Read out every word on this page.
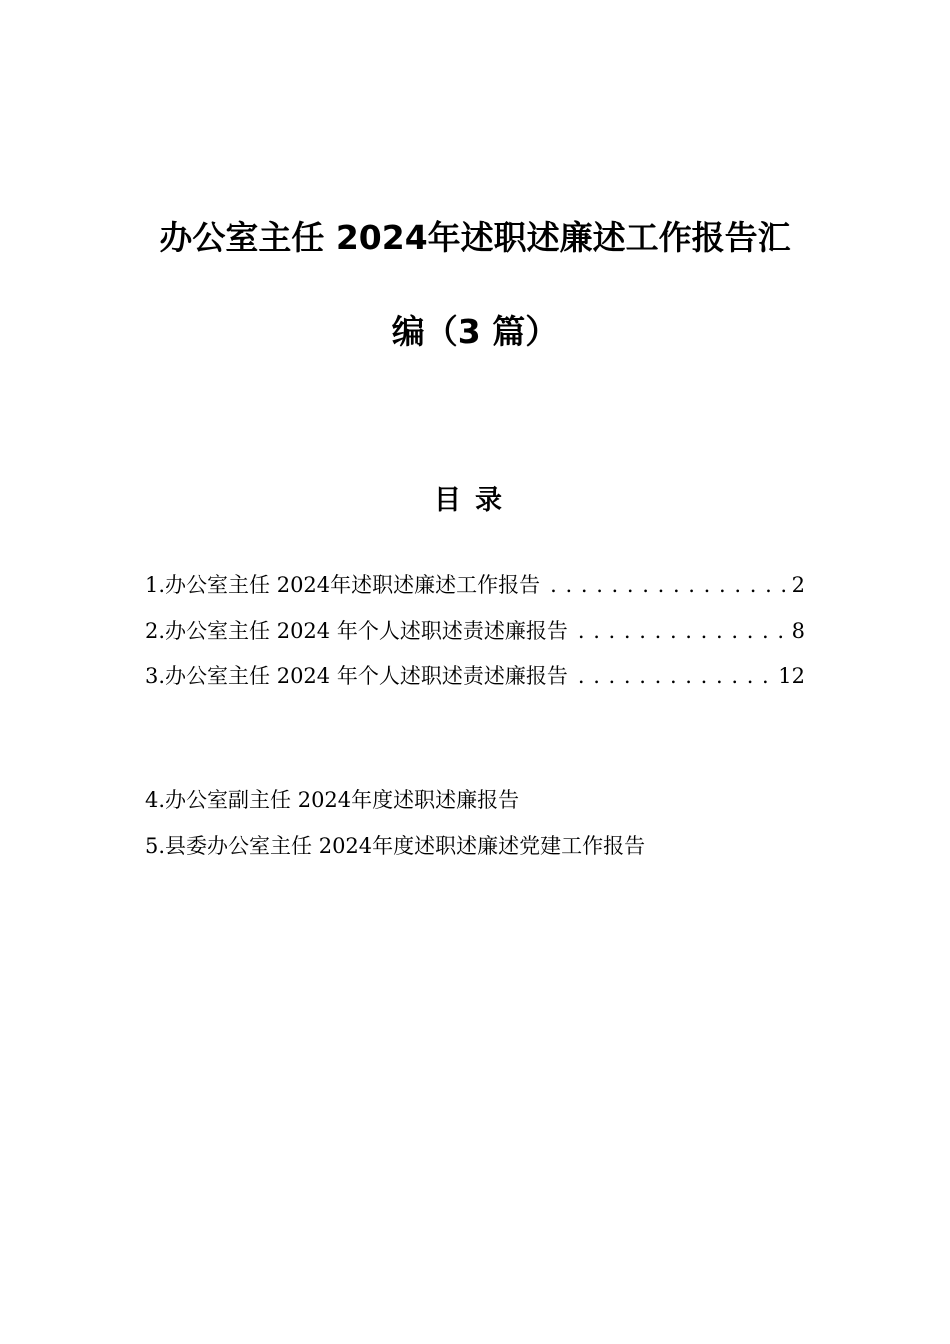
办公室主任 2024年述职述廉述工作报告汇
编（3 篇）
目录
1.办公室主任 2024年述职述廉述工作报告 . . .	2
2.办公室主任 2024 年个人述职述责述廉报告 . . .	8
3.办公室主任 2024 年个人述职述责述廉报告 . . .	12
4.办公室副主任 2024年度述职述廉报告
5.县委办公室主任 2024年度述职述廉述党建工作报告
